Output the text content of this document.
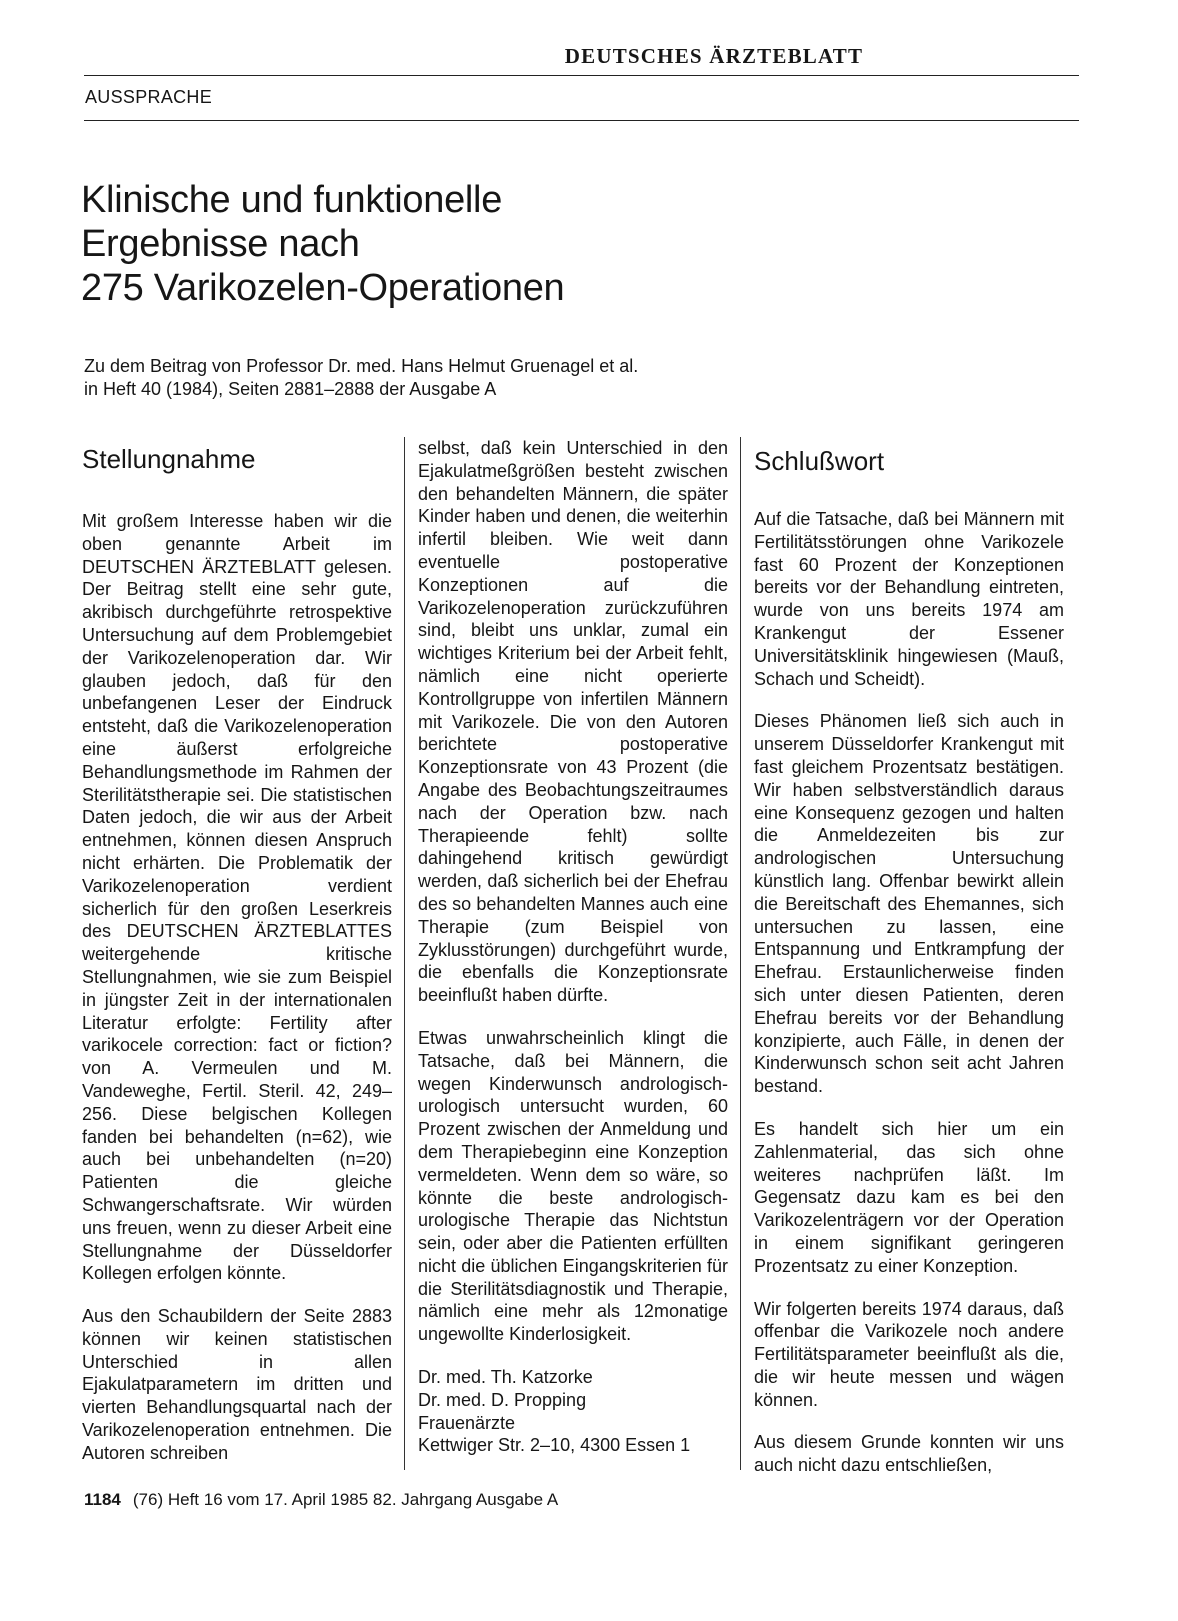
DEUTSCHES ÄRZTEBLATT
AUSSPRACHE
Klinische und funktionelle
Ergebnisse nach
275 Varikozelen-Operationen
Zu dem Beitrag von Professor Dr. med. Hans Helmut Gruenagel et al.
in Heft 40 (1984), Seiten 2881–2888 der Ausgabe A
Stellungnahme

Mit großem Interesse haben wir die oben genannte Arbeit im DEUTSCHEN ÄRZTEBLATT gelesen. Der Beitrag stellt eine sehr gute, akribisch durchgeführte retrospektive Untersuchung auf dem Problemgebiet der Varikozelenoperation dar. Wir glauben jedoch, daß für den unbefangenen Leser der Eindruck entsteht, daß die Varikozelenoperation eine äußerst erfolgreiche Behandlungsmethode im Rahmen der Sterilitätstherapie sei. Die statistischen Daten jedoch, die wir aus der Arbeit entnehmen, können diesen Anspruch nicht erhärten. Die Problematik der Varikozelenoperation verdient sicherlich für den großen Leserkreis des DEUTSCHEN ÄRZTEBLATTES weitergehende kritische Stellungnahmen, wie sie zum Beispiel in jüngster Zeit in der internationalen Literatur erfolgte: Fertility after varikocele correction: fact or fiction? von A. Vermeulen und M. Vandeweghe, Fertil. Steril. 42, 249–256. Diese belgischen Kollegen fanden bei behandelten (n=62), wie auch bei unbehandelten (n=20) Patienten die gleiche Schwangerschaftsrate. Wir würden uns freuen, wenn zu dieser Arbeit eine Stellungnahme der Düsseldorfer Kollegen erfolgen könnte.

Aus den Schaubildern der Seite 2883 können wir keinen statistischen Unterschied in allen Ejakulatparametern im dritten und vierten Behandlungsquartal nach der Varikozelenoperation entnehmen. Die Autoren schreiben

selbst, daß kein Unterschied in den Ejakulatmeßgrößen besteht zwischen den behandelten Männern, die später Kinder haben und denen, die weiterhin infertil bleiben. Wie weit dann eventuelle postoperative Konzeptionen auf die Varikozelenoperation zurückzuführen sind, bleibt uns unklar, zumal ein wichtiges Kriterium bei der Arbeit fehlt, nämlich eine nicht operierte Kontrollgruppe von infertilen Männern mit Varikozele. Die von den Autoren berichtete postoperative Konzeptionsrate von 43 Prozent (die Angabe des Beobachtungszeitraumes nach der Operation bzw. nach Therapieende fehlt) sollte dahingehend kritisch gewürdigt werden, daß sicherlich bei der Ehefrau des so behandelten Mannes auch eine Therapie (zum Beispiel von Zyklusstörungen) durchgeführt wurde, die ebenfalls die Konzeptionsrate beeinflußt haben dürfte.

Etwas unwahrscheinlich klingt die Tatsache, daß bei Männern, die wegen Kinderwunsch andrologisch-urologisch untersucht wurden, 60 Prozent zwischen der Anmeldung und dem Therapiebeginn eine Konzeption vermeldeten. Wenn dem so wäre, so könnte die beste andrologisch-urologische Therapie das Nichtstun sein, oder aber die Patienten erfüllten nicht die üblichen Eingangskriterien für die Sterilitätsdiagnostik und Therapie, nämlich eine mehr als 12monatige ungewollte Kinderlosigkeit.

Dr. med. Th. Katzorke
Dr. med. D. Propping
Frauenärzte
Kettwiger Str. 2–10, 4300 Essen 1
Schlußwort

Auf die Tatsache, daß bei Männern mit Fertilitätsstörungen ohne Varikozele fast 60 Prozent der Konzeptionen bereits vor der Behandlung eintreten, wurde von uns bereits 1974 am Krankengut der Essener Universitätsklinik hingewiesen (Mauß, Schach und Scheidt).

Dieses Phänomen ließ sich auch in unserem Düsseldorfer Krankengut mit fast gleichem Prozentsatz bestätigen. Wir haben selbstverständlich daraus eine Konsequenz gezogen und halten die Anmeldezeiten bis zur andrologischen Untersuchung künstlich lang. Offenbar bewirkt allein die Bereitschaft des Ehemannes, sich untersuchen zu lassen, eine Entspannung und Entkrampfung der Ehefrau. Erstaunlicherweise finden sich unter diesen Patienten, deren Ehefrau bereits vor der Behandlung konzipierte, auch Fälle, in denen der Kinderwunsch schon seit acht Jahren bestand.

Es handelt sich hier um ein Zahlenmaterial, das sich ohne weiteres nachprüfen läßt. Im Gegensatz dazu kam es bei den Varikozelenträgern vor der Operation in einem signifikant geringeren Prozentsatz zu einer Konzeption.

Wir folgerten bereits 1974 daraus, daß offenbar die Varikozele noch andere Fertilitätsparameter beeinflußt als die, die wir heute messen und wägen können.

Aus diesem Grunde konnten wir uns auch nicht dazu entschließen,

1184 (76) Heft 16 vom 17. April 1985 82. Jahrgang Ausgabe A
